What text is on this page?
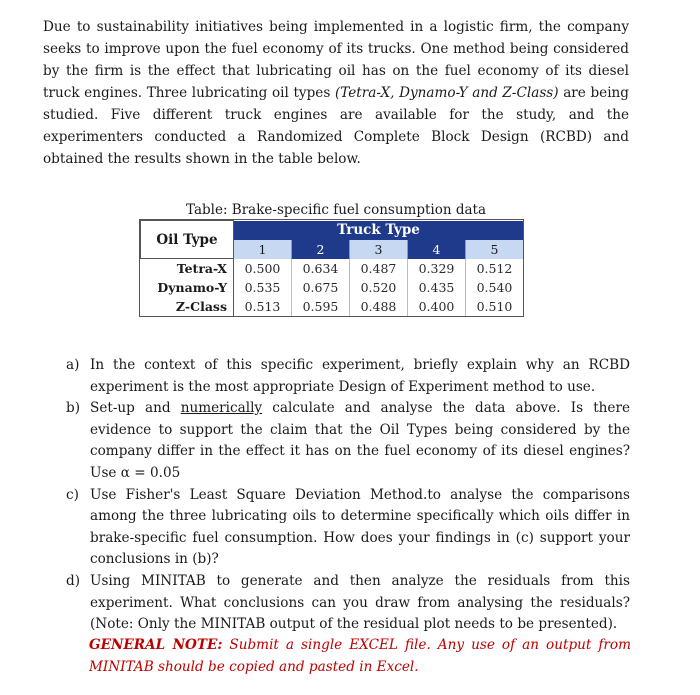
Due to sustainability initiatives being implemented in a logistic firm, the company seeks to improve upon the fuel economy of its trucks. One method being considered by the firm is the effect that lubricating oil has on the fuel economy of its diesel truck engines. Three lubricating oil types (Tetra-X, Dynamo-Y and Z-Class) are being studied. Five different truck engines are available for the study, and the experimenters conducted a Randomized Complete Block Design (RCBD) and obtained the results shown in the table below.

Table: Brake-specific fuel consumption data
Oil Type	Truck Type				
	1	2	3	4	5
Tetra-X	0.500	0.634	0.487	0.329	0.512
Dynamo-Y	0.535	0.675	0.520	0.435	0.540
Z-Class	0.513	0.595	0.488	0.400	0.510
a) In the context of this specific experiment, briefly explain why an RCBD experiment is the most appropriate Design of Experiment method to use.
b) Set-up and numerically calculate and analyse the data above. Is there evidence to support the claim that the Oil Types being considered by the company differ in the effect it has on the fuel economy of its diesel engines? Use α = 0.05
c) Use Fisher's Least Square Deviation Method.to analyse the comparisons among the three lubricating oils to determine specifically which oils differ in brake-specific fuel consumption. How does your findings in (c) support your conclusions in (b)?
d) Using MINITAB to generate and then analyze the residuals from this experiment. What conclusions can you draw from analysing the residuals? (Note: Only the MINITAB output of the residual plot needs to be presented).
GENERAL NOTE: Submit a single EXCEL file. Any use of an output from MINITAB should be copied and pasted in Excel.
